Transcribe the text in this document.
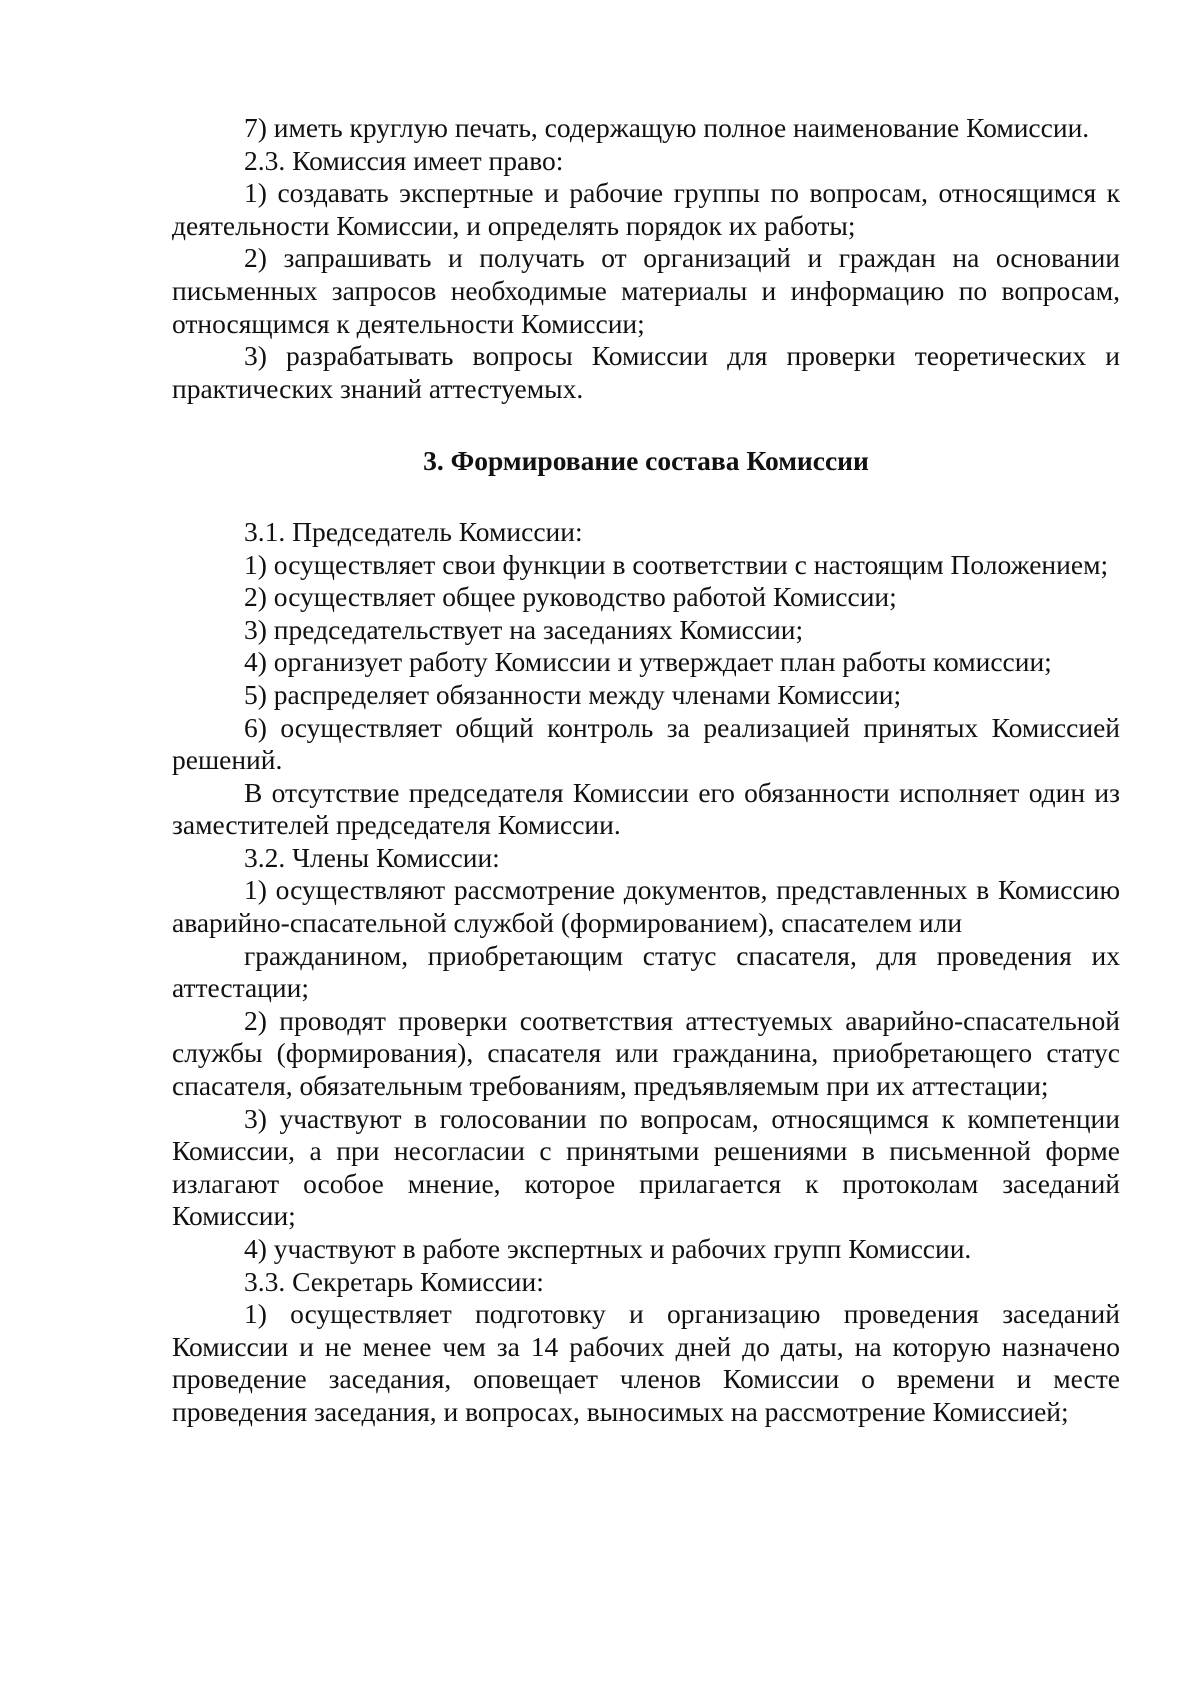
7) иметь круглую печать, содержащую полное наименование Комиссии.

2.3. Комиссия имеет право:

1) создавать экспертные и рабочие группы по вопросам, относящимся к деятельности Комиссии, и определять порядок их работы;

2) запрашивать и получать от организаций и граждан на основании письменных запросов необходимые материалы и информацию по вопросам, относящимся к деятельности Комиссии;

3) разрабатывать вопросы Комиссии для проверки теоретических и практических знаний аттестуемых.

3. Формирование состава Комиссии

3.1. Председатель Комиссии:

1) осуществляет свои функции в соответствии с настоящим Положением;

2) осуществляет общее руководство работой Комиссии;

3) председательствует на заседаниях Комиссии;

4) организует работу Комиссии и утверждает план работы комиссии;

5) распределяет обязанности между членами Комиссии;

6) осуществляет общий контроль за реализацией принятых Комиссией решений.

В отсутствие председателя Комиссии его обязанности исполняет один из заместителей председателя Комиссии.

3.2. Члены Комиссии:

1) осуществляют рассмотрение документов, представленных в Комиссию аварийно-спасательной службой (формированием), спасателем или

гражданином, приобретающим статус спасателя, для проведения их аттестации;

2) проводят проверки соответствия аттестуемых аварийно-спасательной службы (формирования), спасателя или гражданина, приобретающего статус спасателя, обязательным требованиям, предъявляемым при их аттестации;

3) участвуют в голосовании по вопросам, относящимся к компетенции Комиссии, а при несогласии с принятыми решениями в письменной форме излагают особое мнение, которое прилагается к протоколам заседаний Комиссии;

4) участвуют в работе экспертных и рабочих групп Комиссии.

3.3. Секретарь Комиссии:

1) осуществляет подготовку и организацию проведения заседаний Комиссии и не менее чем за 14 рабочих дней до даты, на которую назначено проведение заседания, оповещает членов Комиссии о времени и месте проведения заседания, и вопросах, выносимых на рассмотрение Комиссией;
